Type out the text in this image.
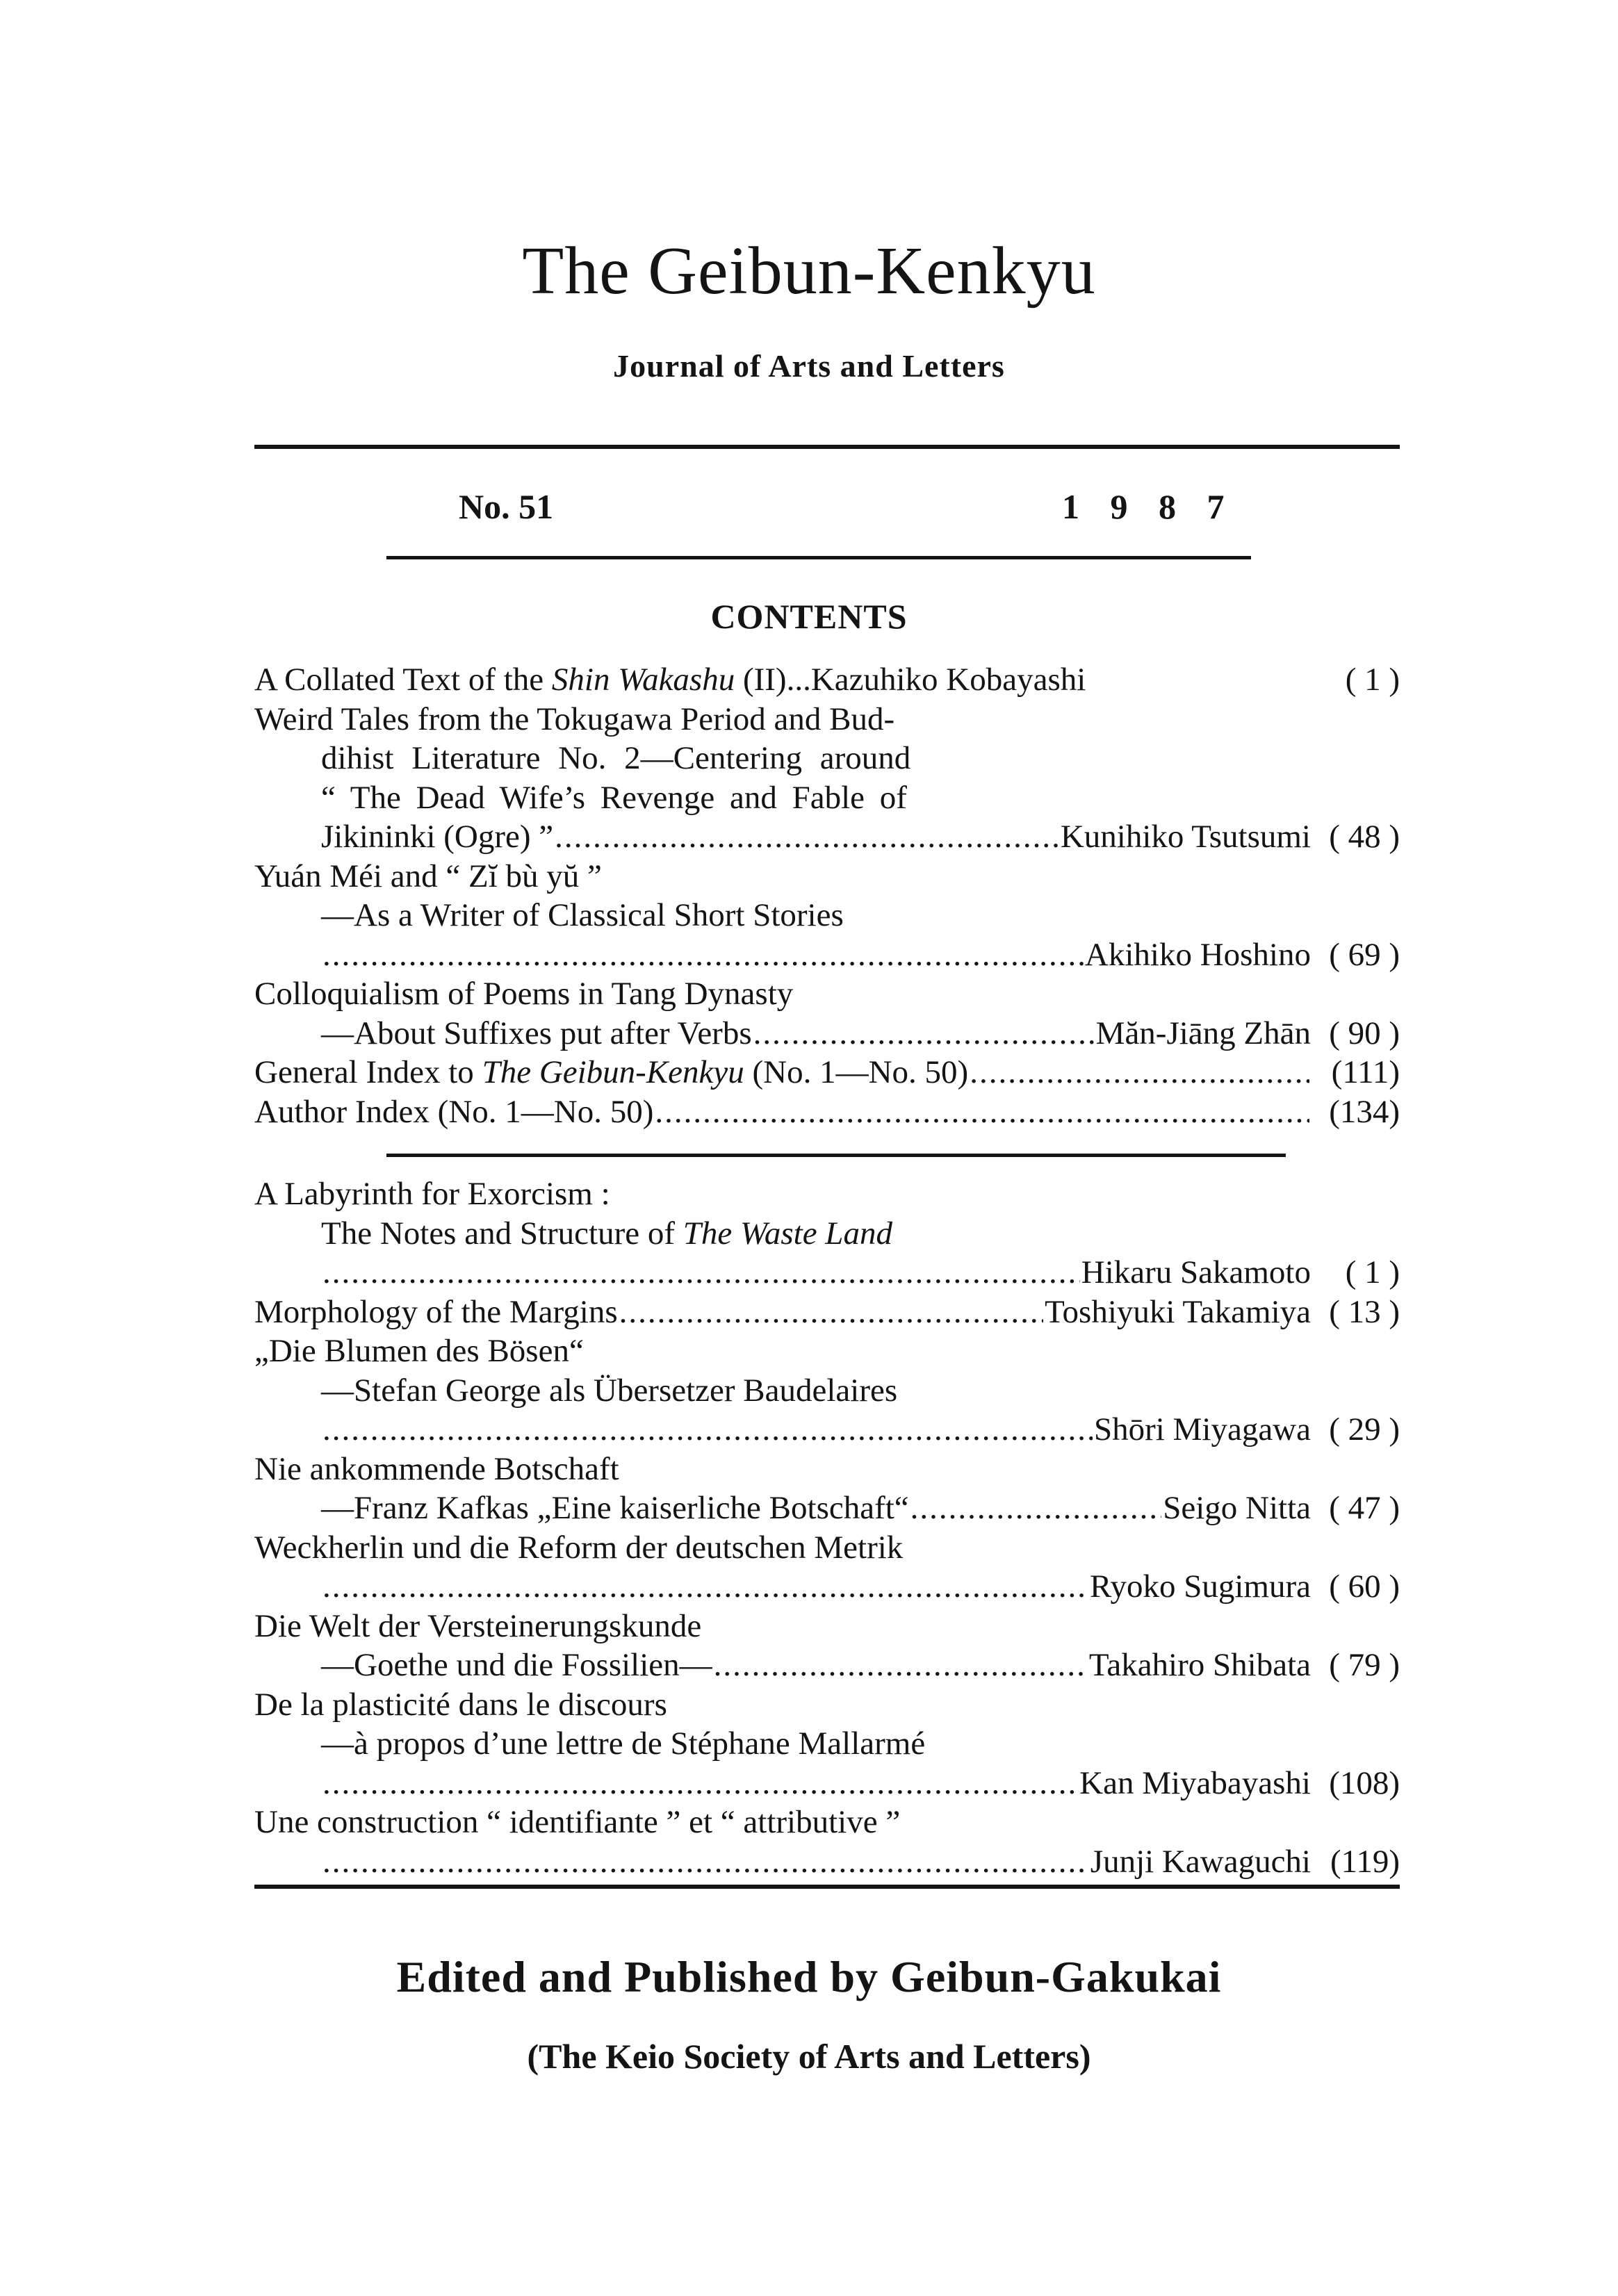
The Geibun-Kenkyu
Journal of Arts and Letters
No. 51	1 9 8 7
CONTENTS
A Collated Text of the Shin Wakashu (II)... Kazuhiko Kobayashi	( 1 )
Weird Tales from the Tokugawa Period and Bud-
dihist Literature No. 2—Centering around
“ The Dead Wife’s Revenge and Fable of
Jikininki (Ogre) ” .....	Kunihiko Tsutsumi ( 48 )
Yuán Méi and “ Zĭ bù yŭ ”
—As a Writer of Classical Short Stories
.....
Akihiko Hoshino ( 69 )
Colloquialism of Poems in Tang Dynasty
—About Suffixes put after Verbs .....	Măn-Jiāng Zhān ( 90 )
General Index to The Geibun-Kenkyu (No. 1—No. 50) .....	(111)
Author Index (No. 1—No. 50) .....	(134)
A Labyrinth for Exorcism :
The Notes and Structure of The Waste Land
.....
Hikaru Sakamoto	( 1 )
Morphology of the Margins .....	Toshiyuki Takamiya ( 13 )
„Die Blumen des Bösen“
—Stefan George als Übersetzer Baudelaires
.....
Shōri Miyagawa ( 29 )
Nie ankommende Botschaft
—Franz Kafkas „Eine kaiserliche Botschaft“ .....	Seigo Nitta ( 47 )
Weckherlin und die Reform der deutschen Metrik
.....
Ryoko Sugimura ( 60 )
Die Welt der Versteinerungskunde
—Goethe und die Fossilien— .....	Takahiro Shibata ( 79 )
De la plasticité dans le discours
—à propos d’une lettre de Stéphane Mallarmé
.....
Kan Miyabayashi (108)
Une construction “ identifiante ” et “ attributive ”
.....
Junji Kawaguchi (119)
Edited and Published by Geibun-Gakukai
(The Keio Society of Arts and Letters)
